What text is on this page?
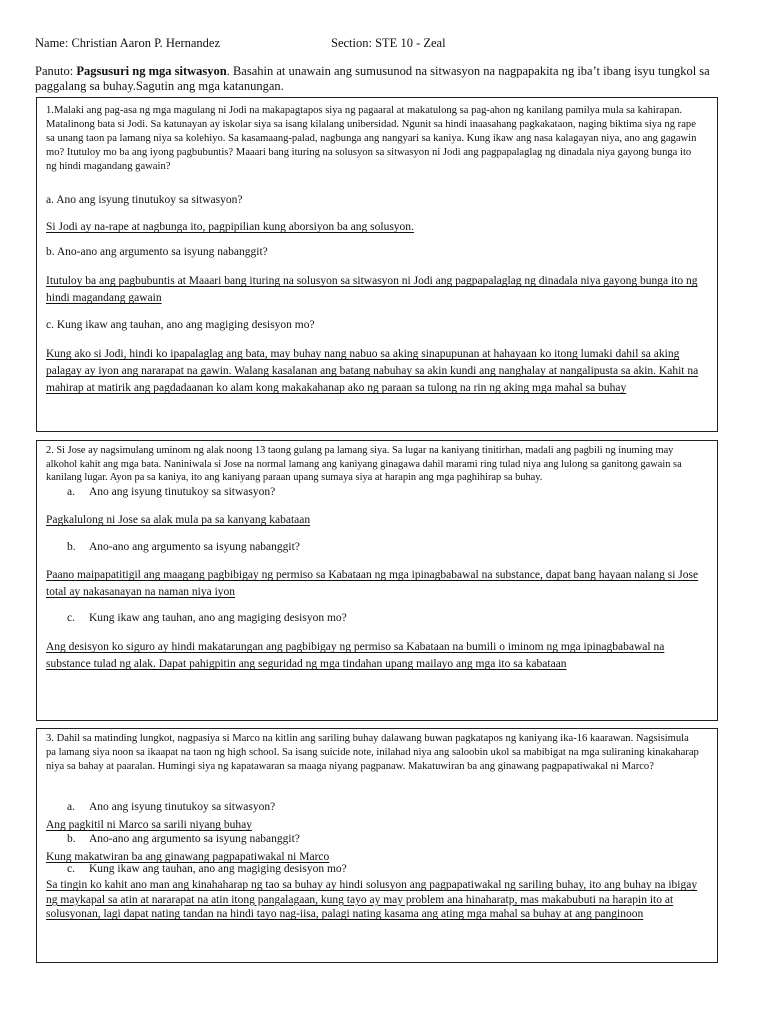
Name: Christian Aaron P. Hernandez	Section: STE 10 - Zeal
Panuto: Pagsusuri ng mga sitwasyon. Basahin at unawain ang sumusunod na sitwasyon na nagpapakita ng iba’t ibang isyu tungkol sa paggalang sa buhay.Sagutin ang mga katanungan.
1.Malaki ang pag-asa ng mga magulang ni Jodi na makapagtapos siya ng pagaaral at makatulong sa pag-ahon ng kanilang pamilya mula sa kahirapan. Matalinong bata si Jodi. Sa katunayan ay iskolar siya sa isang kilalang unibersidad. Ngunit sa hindi inaasahang pagkakataon, naging biktima siya ng rape sa unang taon pa lamang niya sa kolehiyo. Sa kasamaang-palad, nagbunga ang nangyari sa kaniya. Kung ikaw ang nasa kalagayan niya, ano ang gagawin mo? Itutuloy mo ba ang iyong pagbubuntis? Maaari bang ituring na solusyon sa sitwasyon ni Jodi ang pagpapalaglag ng dinadala niya gayong bunga ito ng hindi magandang gawain?
a. Ano ang isyung tinutukoy sa sitwasyon?
Si Jodi ay na-rape at nagbunga ito, pagpipilian kung aborsiyon ba ang solusyon.
b. Ano-ano ang argumento sa isyung nabanggit?
Itutuloy ba ang pagbubuntis at Maaari bang ituring na solusyon sa sitwasyon ni Jodi ang pagpapalaglag ng dinadala niya gayong bunga ito ng hindi magandang gawain
c. Kung ikaw ang tauhan, ano ang magiging desisyon mo?
Kung ako si Jodi, hindi ko ipapalaglag ang bata, may buhay nang nabuo sa aking sinapupunan at hahayaan ko itong lumaki dahil sa aking palagay ay iyon ang nararapat na gawin. Walang kasalanan ang batang nabuhay sa akin kundi ang nanghalay at nangalipusta sa akin. Kahit na mahirap at matirik ang pagdadaanan ko alam kong makakahanap ako ng paraan sa tulong na rin ng aking mga mahal sa buhay
2. Si Jose ay nagsimulang uminom ng alak noong 13 taong gulang pa lamang siya. Sa lugar na kaniyang tinitirhan, madali ang pagbili ng inuming may alkohol kahit ang mga bata. Naniniwala si Jose na normal lamang ang kaniyang ginagawa dahil marami ring tulad niya ang lulong sa ganitong gawain sa kanilang lugar. Ayon pa sa kaniya, ito ang kaniyang paraan upang sumaya siya at harapin ang mga paghihirap sa buhay.
a. Ano ang isyung tinutukoy sa sitwasyon?
Pagkalulong ni Jose sa alak mula pa sa kanyang kabataan
b. Ano-ano ang argumento sa isyung nabanggit?
Paano maipapatitigil ang maagang pagbibigay ng permiso sa Kabataan ng mga ipinagbabawal na substance, dapat bang hayaan nalang si Jose total ay nakasanayan na naman niya iyon
c. Kung ikaw ang tauhan, ano ang magiging desisyon mo?
Ang desisyon ko siguro ay hindi makatarungan ang pagbibigay ng permiso sa Kabataan na bumili o iminom ng mga ipinagbabawal na substance tulad ng alak. Dapat pahigpitin ang seguridad ng mga tindahan upang mailayo ang mga ito sa kabataan
3. Dahil sa matinding lungkot, nagpasiya si Marco na kitlin ang sariling buhay dalawang buwan pagkatapos ng kaniyang ika-16 kaarawan. Nagsisimula pa lamang siya noon sa ikaapat na taon ng high school. Sa isang suicide note, inilahad niya ang saloobin ukol sa mabibigat na mga suliraning kinakaharap niya sa bahay at paaralan. Humingi siya ng kapatawaran sa maaga niyang pagpanaw. Makatuwiran ba ang ginawang pagpapatiwakal ni Marco?
a. Ano ang isyung tinutukoy sa sitwasyon?
Ang pagkitil ni Marco sa sarili niyang buhay
b. Ano-ano ang argumento sa isyung nabanggit?
Kung makatwiran ba ang ginawang pagpapatiwakal ni Marco
c. Kung ikaw ang tauhan, ano ang magiging desisyon mo?
Sa tingin ko kahit ano man ang kinahaharap ng tao sa buhay ay hindi solusyon ang pagpapatiwakal ng sariling buhay, ito ang buhay na ibigay ng maykapal sa atin at nararapat na atin itong pangalagaan, kung tayo ay may problem ana hinaharatp, mas makabubuti na harapin ito at solusyonan, lagi dapat nating tandan na hindi tayo nag-iisa, palagi nating kasama ang ating mga mahal sa buhay at ang panginoon
